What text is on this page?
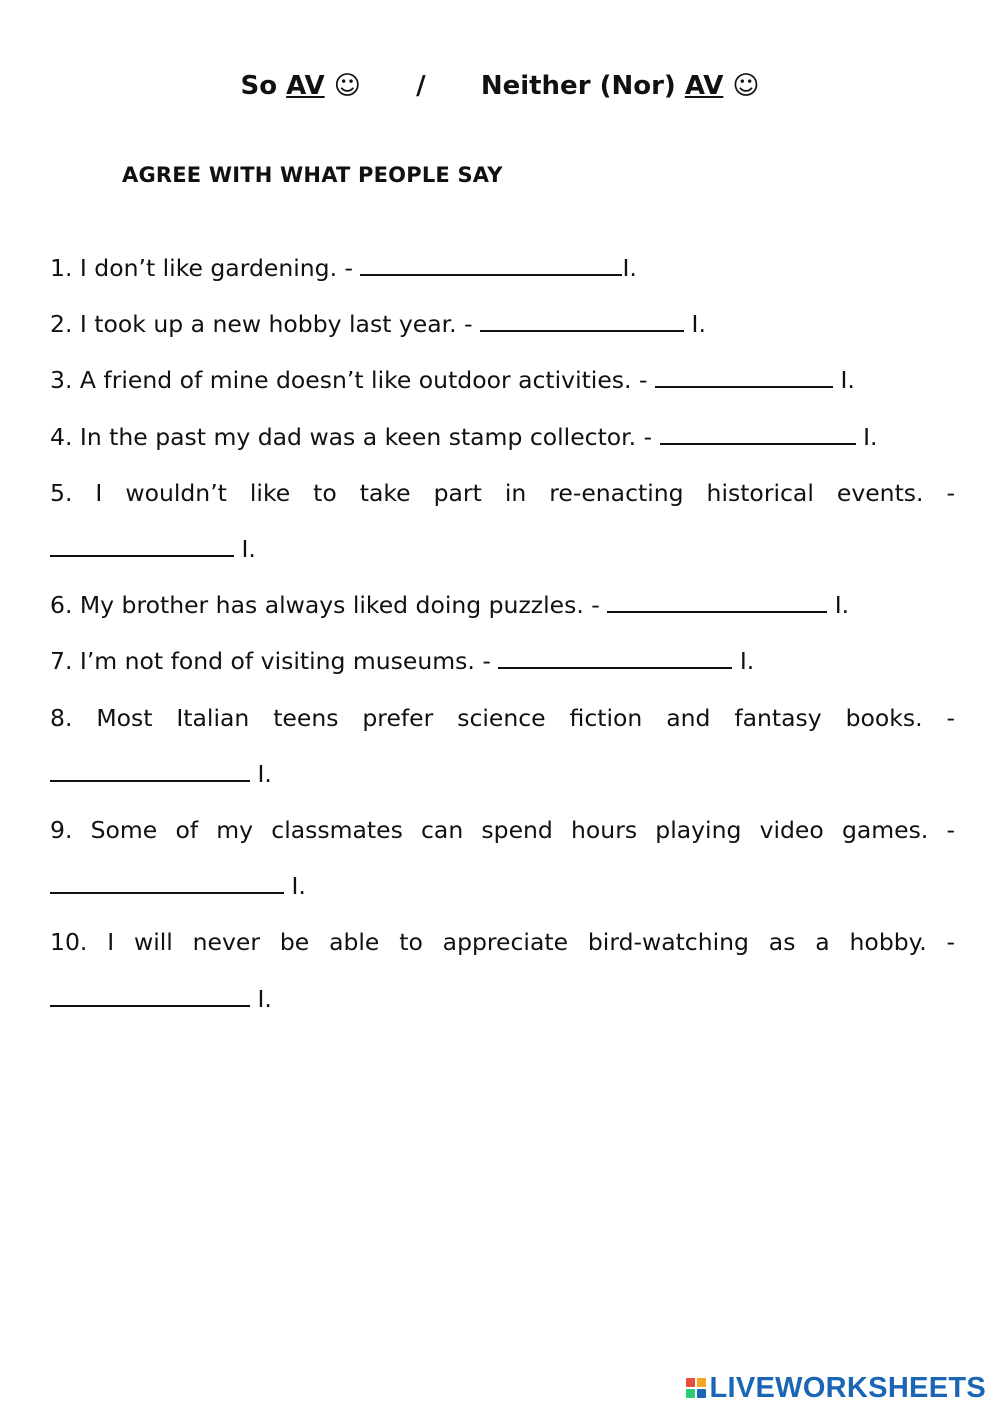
So AV ☺ / Neither (Nor) AV ☺
AGREE WITH WHAT PEOPLE SAY

1. I don’t like gardening. -	I.

2. I took up a new hobby last year. -	I.

3. A friend of mine doesn’t like outdoor activities. -	I.

4. In the past my dad was a keen stamp collector. -	I.

5. I wouldn’t like to take part in re-enacting historical events. -  I.

6. My brother has always liked doing puzzles. -	I.

7. I’m not fond of visiting museums. -	I.

8. Most Italian teens prefer science fiction and fantasy books. -  I.

9. Some of my classmates can spend hours playing video games. -  I.

10. I will never be able to appreciate bird-watching as a hobby. -  I.

LIVEWORKSHEETS
